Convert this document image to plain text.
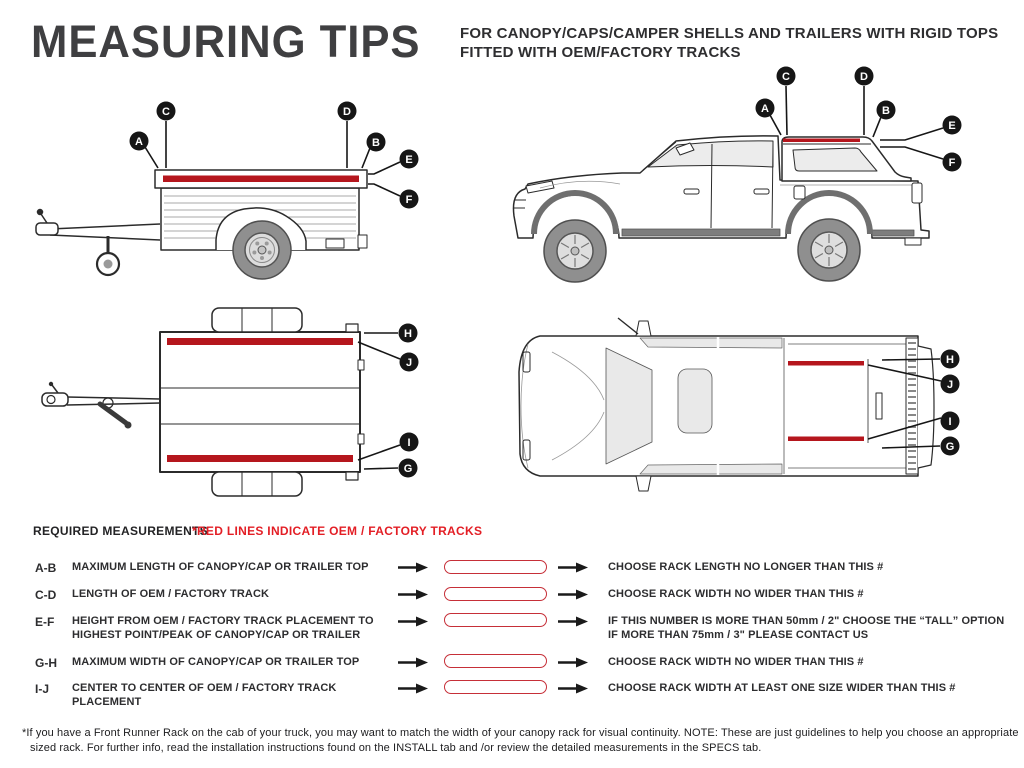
MEASURING TIPS	FOR CANOPY/CAPS/CAMPER SHELLS AND TRAILERS WITH RIGID TOPS
FITTED WITH OEM/FACTORY TRACKS
A
C	D
B
E
F
A
C	D
B
E
F
H
J
I
G
H
J
I
G
REQUIRED MEASUREMENTS
*RED LINES INDICATE OEM / FACTORY TRACKS
A-B	MAXIMUM LENGTH OF CANOPY/CAP OR TRAILER TOP	CHOOSE RACK LENGTH NO LONGER THAN THIS #
C-D	LENGTH OF OEM / FACTORY TRACK	CHOOSE RACK WIDTH NO WIDER THAN THIS #
E-F	HEIGHT FROM OEM / FACTORY TRACK PLACEMENT TO
HIGHEST POINT/PEAK OF CANOPY/CAP OR TRAILER
IF THIS NUMBER IS MORE THAN 50mm / 2" CHOOSE THE “TALL” OPTION
IF MORE THAN 75mm / 3" PLEASE CONTACT US
G-H	MAXIMUM WIDTH OF CANOPY/CAP OR TRAILER TOP	CHOOSE RACK WIDTH NO WIDER THAN THIS #
I-J	CENTER TO CENTER OF OEM / FACTORY TRACK PLACEMENT
CHOOSE RACK WIDTH AT LEAST ONE SIZE WIDER THAN THIS #
*If you have a Front Runner Rack on the cab of your truck, you may want to match the width of your canopy rack for visual continuity. NOTE: These are just guidelines to help you choose an appropriate
sized rack. For further info, read the installation instructions found on the INSTALL tab and /or review the detailed measurements in the SPECS tab.
